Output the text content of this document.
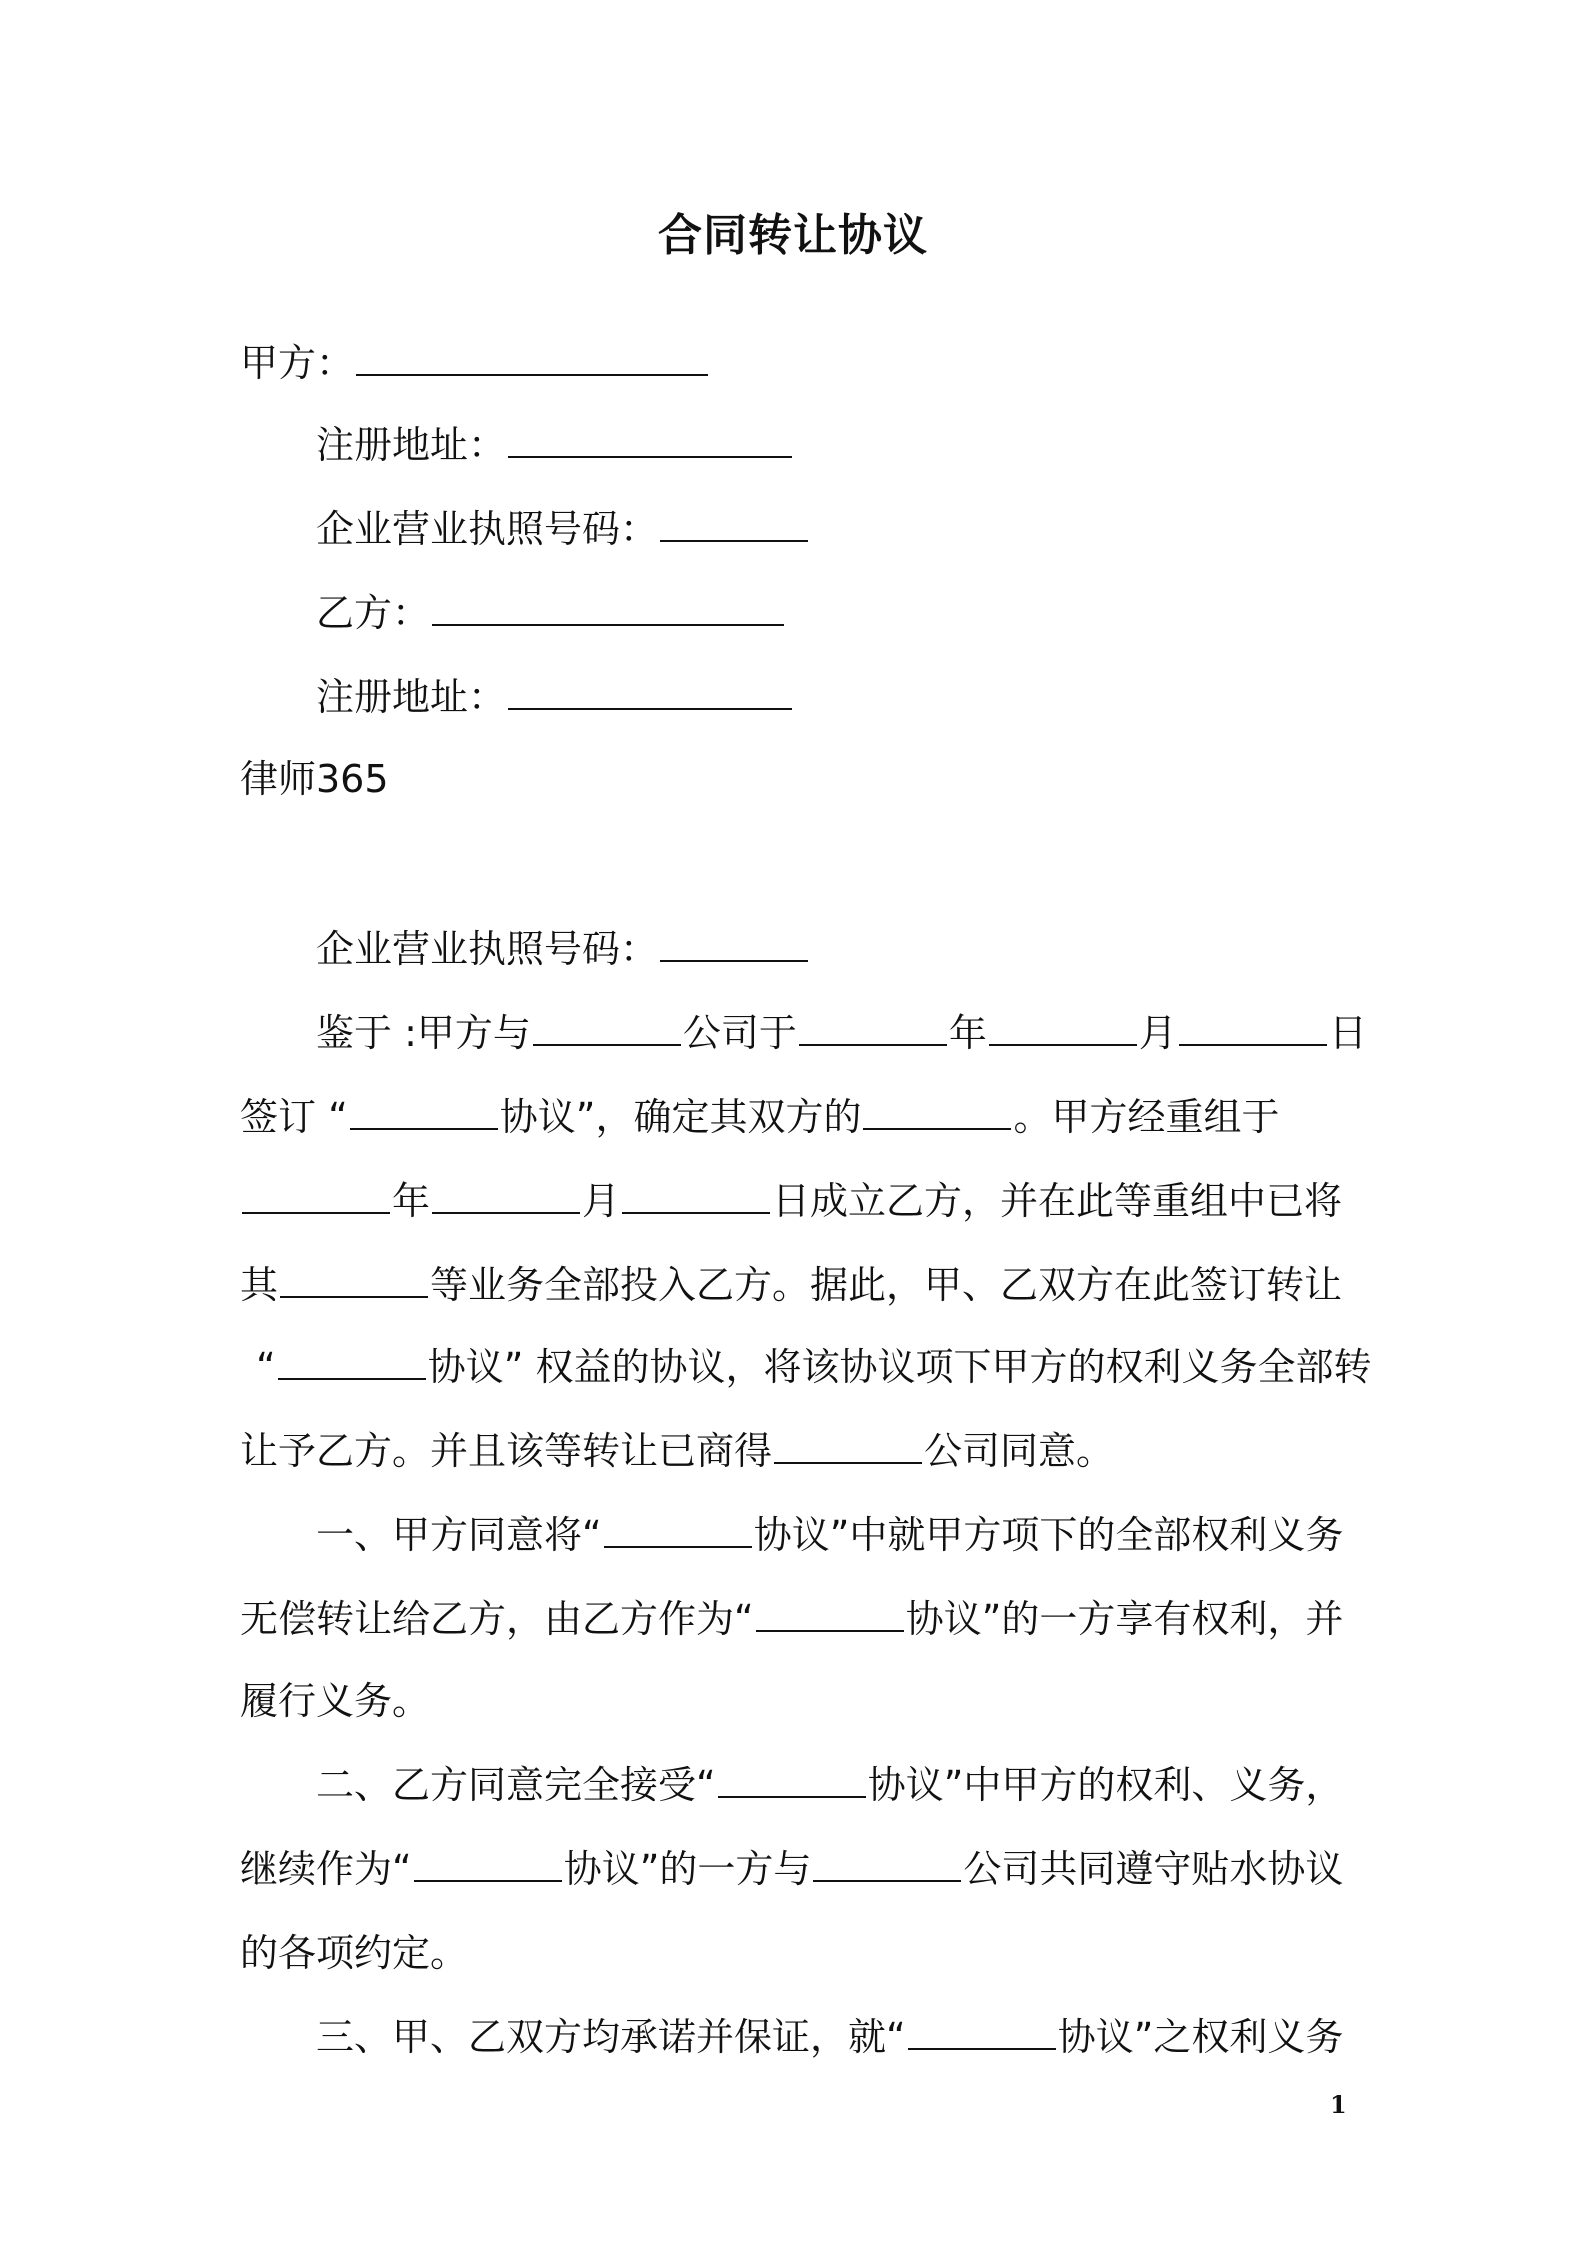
合同转让协议
甲方：
注册地址：
企业营业执照号码：
乙方：
注册地址：
律师365
企业营业执照号码：
鉴于 :甲方与	公司于	年	月	日
签订 “	协议”，确定其双方的	。甲方经重组于
年	月	日成立乙方，并在此等重组中已将
其	等业务全部投入乙方。据此，甲、乙双方在此签订转让
“	协议” 权益的协议，将该协议项下甲方的权利义务全部转
让予乙方。并且该等转让已商得	公司同意。
一、甲方同意将“	协议”中就甲方项下的全部权利义务
无偿转让给乙方，由乙方作为“	协议”的一方享有权利，并
履行义务。
二、乙方同意完全接受“	协议”中甲方的权利、义务，
继续作为“	协议”的一方与	公司共同遵守贴水协议
的各项约定。
三、甲、乙双方均承诺并保证，就“	协议”之权利义务
1
